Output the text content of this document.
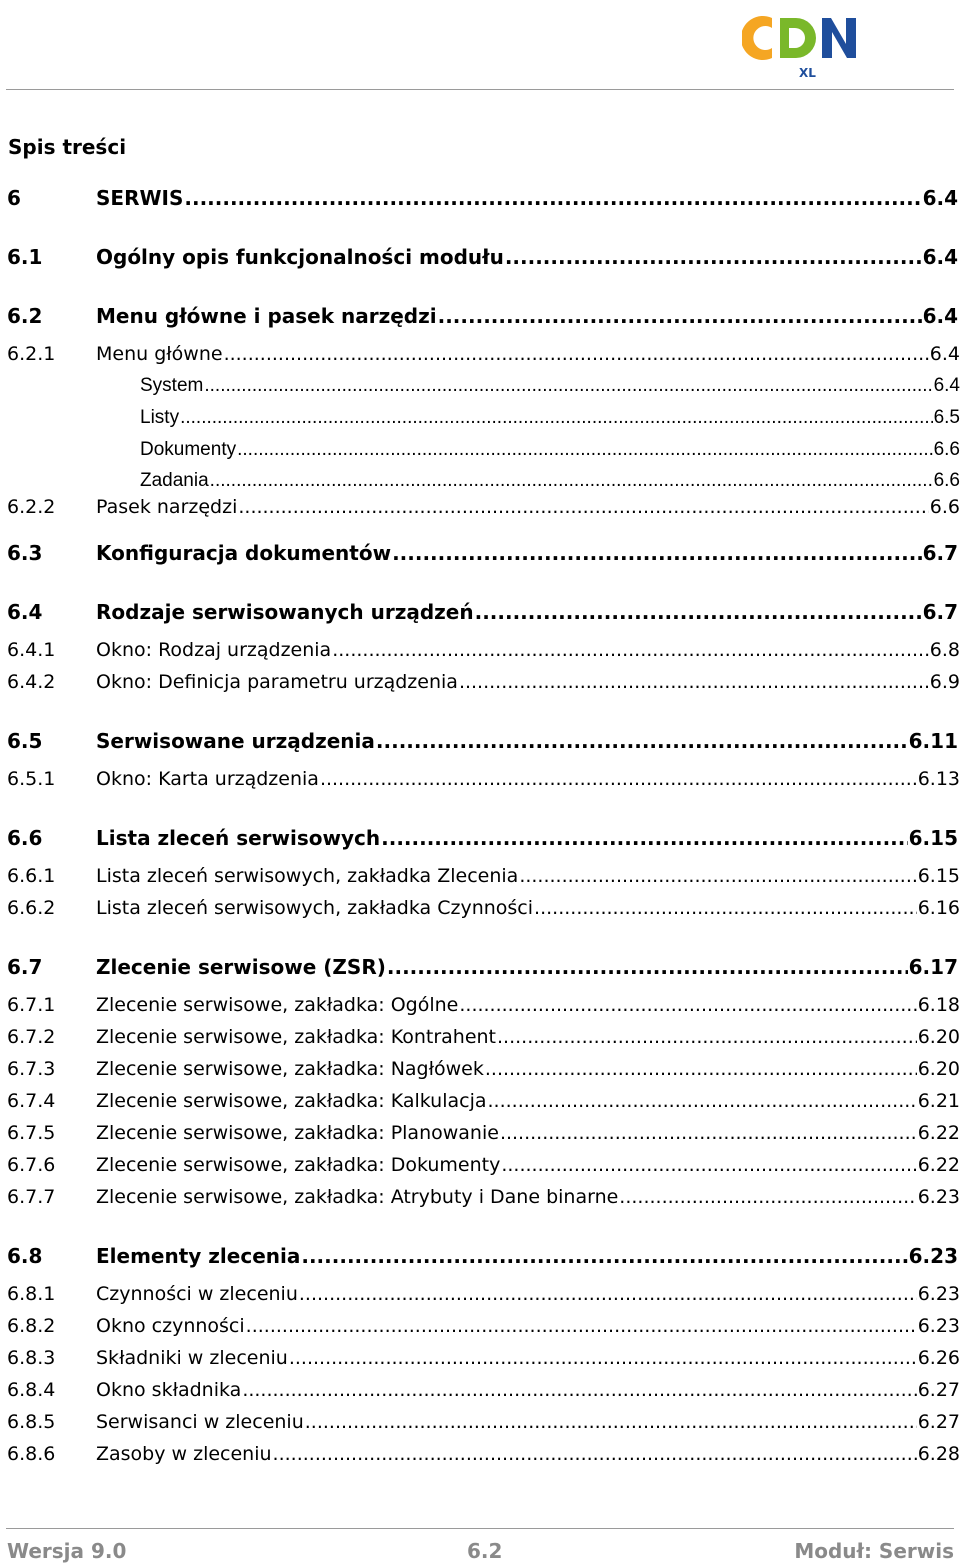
XL
Spis treści
6	SERWIS .....	6.4
6.1	Ogólny opis funkcjonalności modułu .....	6.4
6.2	Menu główne i pasek narzędzi .....	6.4
6.2.1 Menu główne .....	6.4
System .....	6.4
Listy .....	6.5
Dokumenty .....	6.6
Zadania .....	6.6
6.2.2 Pasek narzędzi .....	6.6
6.3	Konfiguracja dokumentów .....	6.7
6.4	Rodzaje serwisowanych urządzeń .....	6.7
6.4.1 Okno: Rodzaj urządzenia .....	6.8
6.4.2 Okno: Definicja parametru urządzenia .....	6.9
6.5	Serwisowane urządzenia .....	6.11
6.5.1 Okno: Karta urządzenia .....	6.13
6.6	Lista zleceń serwisowych .....	6.15
6.6.1 Lista zleceń serwisowych, zakładka Zlecenia .....	6.15
6.6.2 Lista zleceń serwisowych, zakładka Czynności .....	6.16
6.7	Zlecenie serwisowe (ZSR) .....	6.17
6.7.1 Zlecenie serwisowe, zakładka: Ogólne .....	6.18
6.7.2 Zlecenie serwisowe, zakładka: Kontrahent .....	6.20
6.7.3 Zlecenie serwisowe, zakładka: Nagłówek .....	6.20
6.7.4 Zlecenie serwisowe, zakładka: Kalkulacja .....	6.21
6.7.5 Zlecenie serwisowe, zakładka: Planowanie .....	6.22
6.7.6 Zlecenie serwisowe, zakładka: Dokumenty .....	6.22
6.7.7 Zlecenie serwisowe, zakładka: Atrybuty i Dane binarne .....	6.23
6.8	Elementy zlecenia .....	6.23
6.8.1 Czynności w zleceniu .....	6.23
6.8.2 Okno czynności .....	6.23
6.8.3 Składniki w zleceniu .....	6.26
6.8.4 Okno składnika .....	6.27
6.8.5 Serwisanci w zleceniu .....	6.27
6.8.6 Zasoby w zleceniu .....	6.28
Wersja 9.0	6.2	Moduł: Serwis
